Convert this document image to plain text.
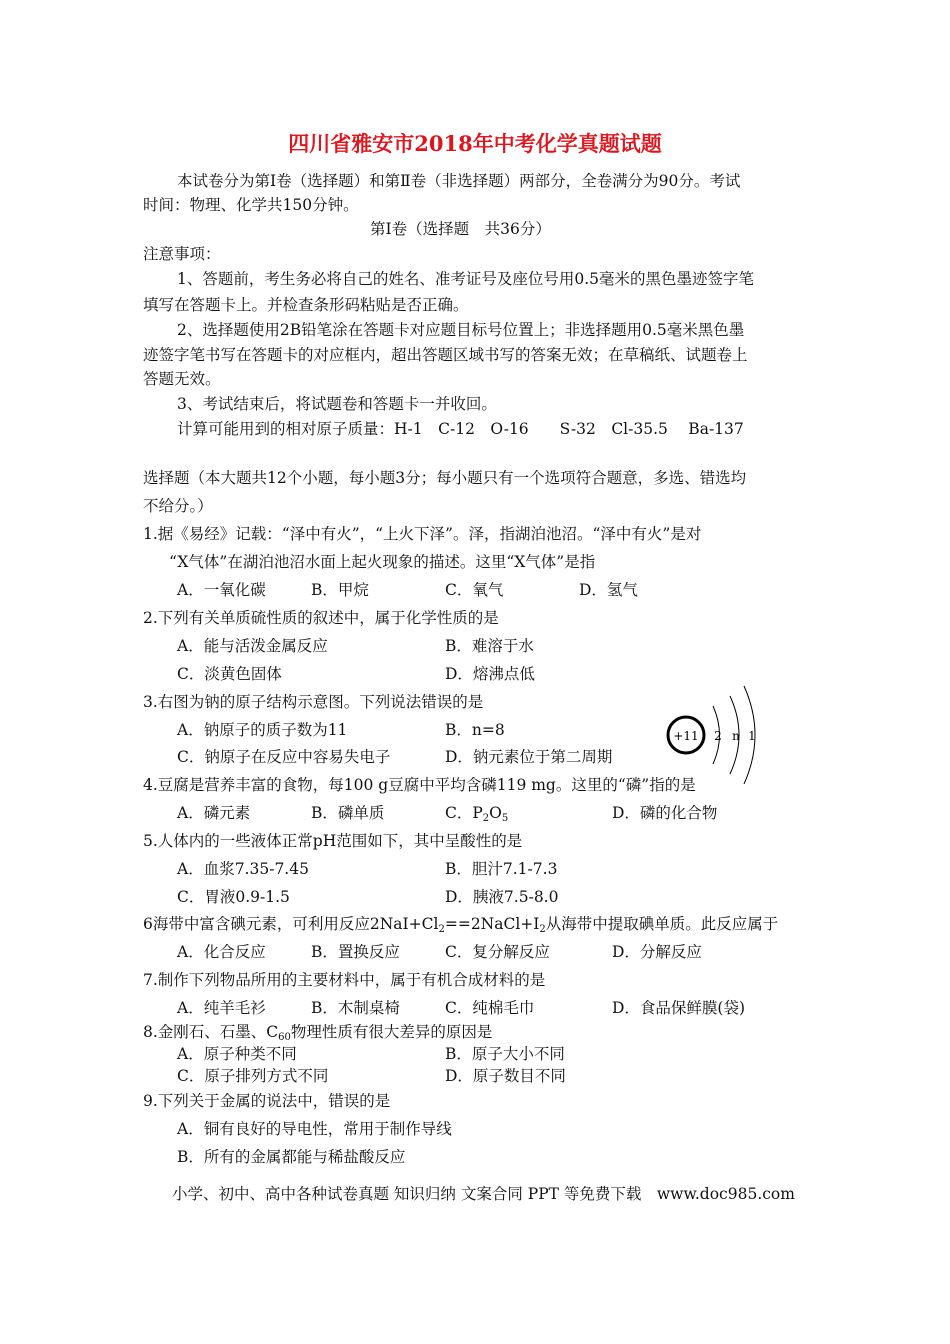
四川省雅安市2018年中考化学真题试题
本试卷分为第Ⅰ卷（选择题）和第Ⅱ卷（非选择题）两部分，全卷满分为90分。考试
时间：物理、化学共150分钟。
第Ⅰ卷（选择题　共36分）
注意事项：
1、答题前，考生务必将自己的姓名、准考证号及座位号用0.5毫米的黑色墨迹签字笔
填写在答题卡上。并检查条形码粘贴是否正确。
2、选择题使用2B铅笔涂在答题卡对应题目标号位置上；非选择题用0.5毫米黑色墨
迹签字笔书写在答题卡的对应框内，超出答题区域书写的答案无效；在草稿纸、试题卷上
答题无效。
3、考试结束后，将试题卷和答题卡一并收回。
计算可能用到的相对原子质量：H-1　C-12　O-16　　S-32　Cl-35.5　 Ba-137
选择题（本大题共12个小题，每小题3分；每小题只有一个选项符合题意，多选、错选均
不给分。）
1.据《易经》记载：“泽中有火”，“上火下泽”。泽，指湖泊池沼。“泽中有火”是对
“X气体”在湖泊池沼水面上起火现象的描述。这里“X气体”是指
A．一氧化碳	B．甲烷	C．氧气	D．氢气
2.下列有关单质硫性质的叙述中，属于化学性质的是
A．能与活泼金属反应	B．难溶于水
C．淡黄色固体	D．熔沸点低
3.右图为钠的原子结构示意图。下列说法错误的是
A．钠原子的质子数为11	B．n=8
C．钠原子在反应中容易失电子	D．钠元素位于第二周期
+11 2 n 1
4.豆腐是营养丰富的食物，每100 g豆腐中平均含磷119 mg。这里的“磷”指的是
A．磷元素	B．磷单质	C．$P_2O_5$	D．磷的化合物
5.人体内的一些液体正常pH范围如下，其中呈酸性的是
A．血浆7.35-7.45	B．胆汁7.1-7.3
C．胃液0.9-1.5	D．胰液7.5-8.0
6海带中富含碘元素，可利用反应$2NaI+Cl_2==2NaCl+I_2$从海带中提取碘单质。此反应属于
A．化合反应	B．置换反应	C．复分解反应	D．分解反应
7.制作下列物品所用的主要材料中，属于有机合成材料的是
A．纯羊毛衫	B．木制桌椅	C．纯棉毛巾	D．食品保鲜膜(袋)
8.金刚石、石墨、$C_{60}$物理性质有很大差异的原因是
A．原子种类不同	B．原子大小不同
C．原子排列方式不同	D．原子数目不同
9.下列关于金属的说法中，错误的是
A．铜有良好的导电性，常用于制作导线
B．所有的金属都能与稀盐酸反应
小学、初中、高中各种试卷真题 知识归纳 文案合同 PPT 等免费下载　www.doc985.com
